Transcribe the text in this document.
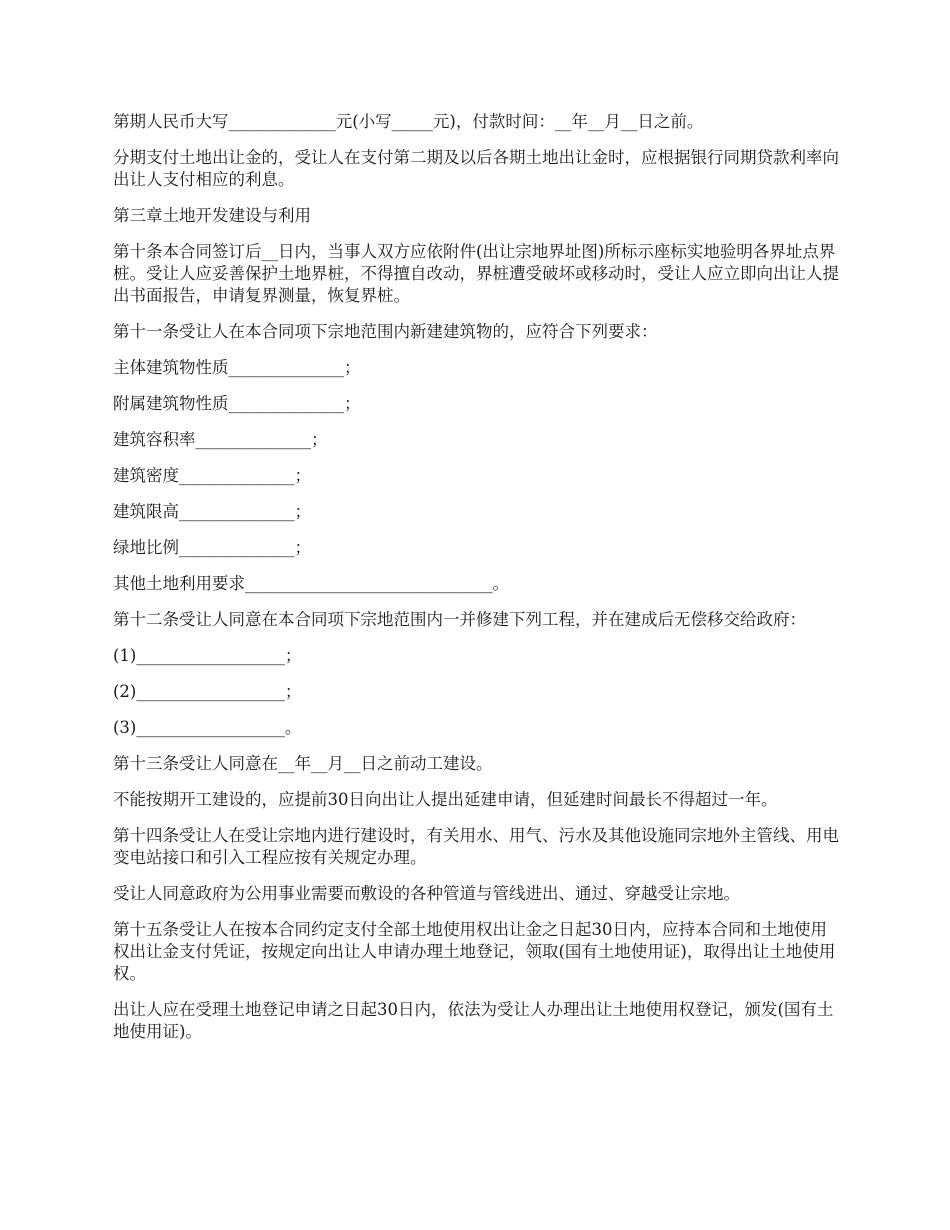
第期人民币大写_____________元(小写_____元)，付款时间：__年__月__日之前。

分期支付土地出让金的，受让人在支付第二期及以后各期土地出让金时，应根据银行同期贷款利率向出让人支付相应的利息。

第三章土地开发建设与利用

第十条本合同签订后__日内，当事人双方应依附件(出让宗地界址图)所标示座标实地验明各界址点界桩。受让人应妥善保护土地界桩，不得擅自改动，界桩遭受破坏或移动时，受让人应立即向出让人提出书面报告，申请复界测量，恢复界桩。

第十一条受让人在本合同项下宗地范围内新建建筑物的，应符合下列要求：

主体建筑物性质______________；

附属建筑物性质______________；

建筑容积率______________；

建筑密度______________；

建筑限高______________；

绿地比例______________；

其他土地利用要求______________________________。

第十二条受让人同意在本合同项下宗地范围内一并修建下列工程，并在建成后无偿移交给政府：

(1)__________________；

(2)__________________；

(3)__________________。

第十三条受让人同意在__年__月__日之前动工建设。

不能按期开工建设的，应提前30日向出让人提出延建申请，但延建时间最长不得超过一年。

第十四条受让人在受让宗地内进行建设时，有关用水、用气、污水及其他设施同宗地外主管线、用电变电站接口和引入工程应按有关规定办理。

受让人同意政府为公用事业需要而敷设的各种管道与管线进出、通过、穿越受让宗地。

第十五条受让人在按本合同约定支付全部土地使用权出让金之日起30日内，应持本合同和土地使用权出让金支付凭证，按规定向出让人申请办理土地登记，领取(国有土地使用证)，取得出让土地使用权。

出让人应在受理土地登记申请之日起30日内，依法为受让人办理出让土地使用权登记，颁发(国有土地使用证)。
